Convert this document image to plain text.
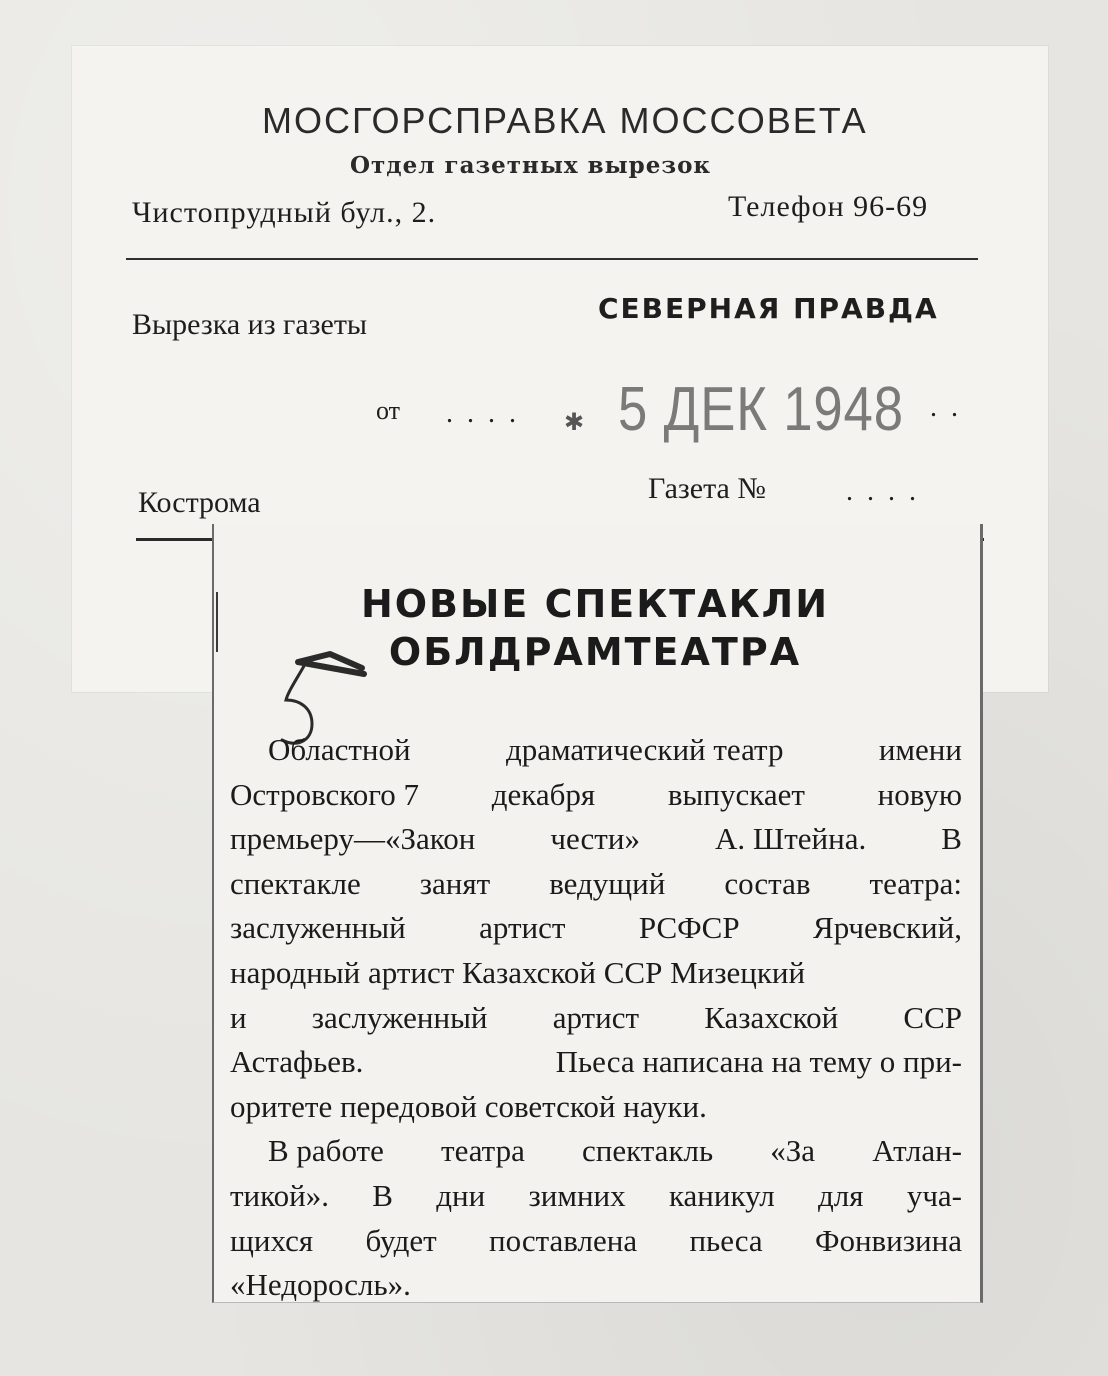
МОСГОРСПРАВКА МОССОВЕТА
Отдел газетных вырезок
Чистопрудный бул., 2.	Телефон 96-69
Вырезка из газеты	СЕВЕРНАЯ ПРАВДА
от .... ✱ 5 ДЕК 1948 ..
Кострома	Газета №	....
НОВЫЕ СПЕКТАКЛИ
ОБЛДРАМТЕАТРА
Областной	драматический театр	имени
Островского 7 декабря выпускает новую
премьеру—«Закон чести» А. Штейна. В
спектакле занят ведущий состав театра:
заслуженный артист РСФСР Ярчевский,
народный артист Казахской ССР Мизецкий
и заслуженный артист Казахской ССР
Астафьев.	Пьеса написана на тему о при-
оритете передовой советской науки.
В работе театра спектакль «За Атлан-
тикой». В дни зимних каникул для уча-
щихся будет поставлена пьеса Фонвизина
«Недоросль».
